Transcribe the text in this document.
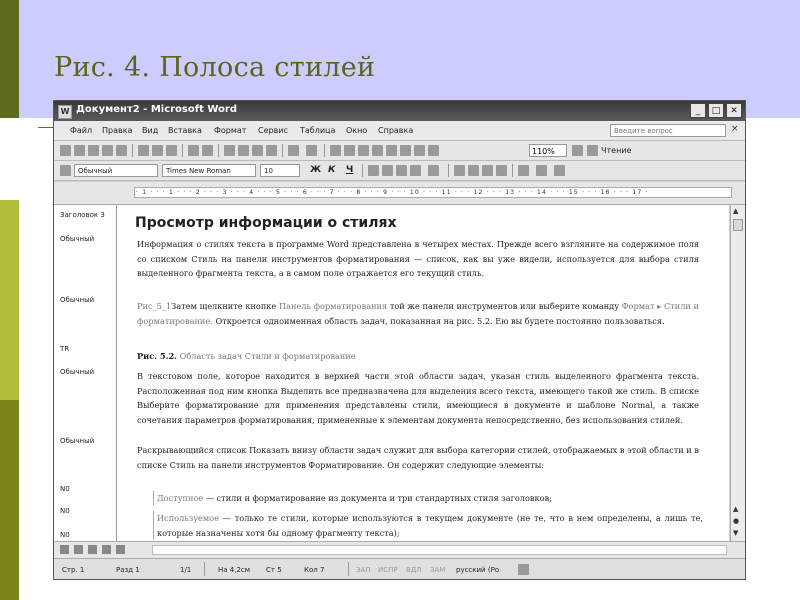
Рис. 4. Полоса стилей
W Документ2 - Microsoft Word	_	□	✕
Файл Правка Вид Вставка Формат Сервис Таблица Окно Справка	Введите вопрос	×
110%	Чтение
Обычный	Times New Roman	10	Ж К Ч
· 1 · · · 1 · · · 2 · · · 3 · · · 4 · · · 5 · · · 6 · · · 7 · · · 8 · · · 9 · · · 10 · · · 11 · · · 12 · · · 13 · · · 14 · · · 15 · · · 16 · · · 17 ·
Заголовок 3
Обычный
Обычный
TR
Обычный
Обычный
N0
N0
N0
Просмотр информации о стилях
Информация о стилях текста в программе Word представлена в четырех местах. Прежде всего взгляните на содержимое поля со списком Стиль на панели инструментов форматирования — список, как вы уже видели, используется для выбора стиля выделенного фрагмента текста, а в самом поле отражается его текущий стиль.
Рис_5_1Затем щелкните кнопке Панель форматирования той же панели инструментов или выберите команду Формат ▸ Стили и форматирование. Откроется одноименная область задач, показанная на рис. 5.2. Ею вы будете постоянно пользоваться.
Рис. 5.2. Область задач Стили и форматирование
В текстовом поле, которое находится в верхней части этой области задач, указан стиль выделенного фрагмента текста. Расположенная под ним кнопка Выделить все предназначена для выделения всего текста, имеющего такой же стиль. В списке Выберите форматирование для применения представлены стили, имеющиеся в документе и шаблоне Normal, а также сочетания параметров форматирования, примененные к элементам документа непосредственно, без использования стилей.
Раскрывающийся список Показать внизу области задач служит для выбора категории стилей, отображаемых в этой области и в списке Стиль на панели инструментов Форматирование. Он содержит следующие элементы:
Доступное — стили и форматирование из документа и три стандартных стиля заголовков;
Используемое — только те стили, которые используются в текущем документе (не те, что в нем определены, а лишь те, которые назначены хотя бы одному фрагменту текста);
▲
▲
●
▼
Стр. 1	Разд 1	1/1	На 4,2см Ст 5	Кол 7	ЗАП ИСПР ВДЛ ЗАМ русский (Ро
